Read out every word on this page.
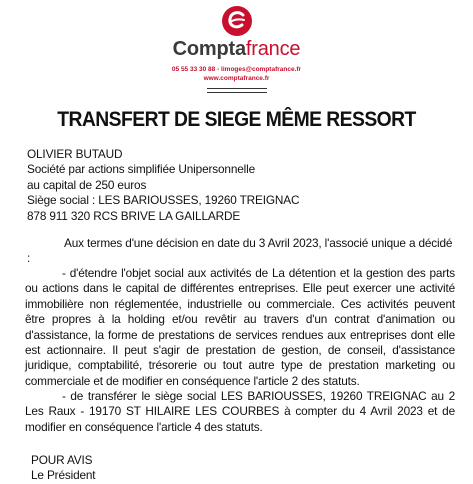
Comptafrance
05 55 33 30 88 - limoges@comptafrance.fr
www.comptafrance.fr
TRANSFERT DE SIEGE MÊME RESSORT

OLIVIER BUTAUD

Société par actions simplifiée Unipersonnelle

au capital de 250 euros

Siège social : LES BARIOUSSES, 19260 TREIGNAC

878 911 320 RCS BRIVE LA GAILLARDE

Aux termes d'une décision en date du 3 Avril 2023, l'associé unique a décidé :

- d'étendre l'objet social aux activités de La détention et la gestion des parts ou actions dans le capital de différentes entreprises. Elle peut exercer une activité immobilière non réglementée, industrielle ou commerciale. Ces activités peuvent être propres à la holding et/ou revêtir au travers d'un contrat d'animation ou d'assistance, la forme de prestations de services rendues aux entreprises dont elle est actionnaire. Il peut s'agir de prestation de gestion, de conseil, d'assistance juridique, comptabilité, trésorerie ou tout autre type de prestation marketing ou commerciale et de modifier en conséquence l'article 2 des statuts.

- de transférer le siège social LES BARIOUSSES, 19260 TREIGNAC au 2 Les Raux - 19170 ST HILAIRE LES COURBES à compter du 4 Avril 2023 et de modifier en conséquence l'article 4 des statuts.

POUR AVIS

Le Président
